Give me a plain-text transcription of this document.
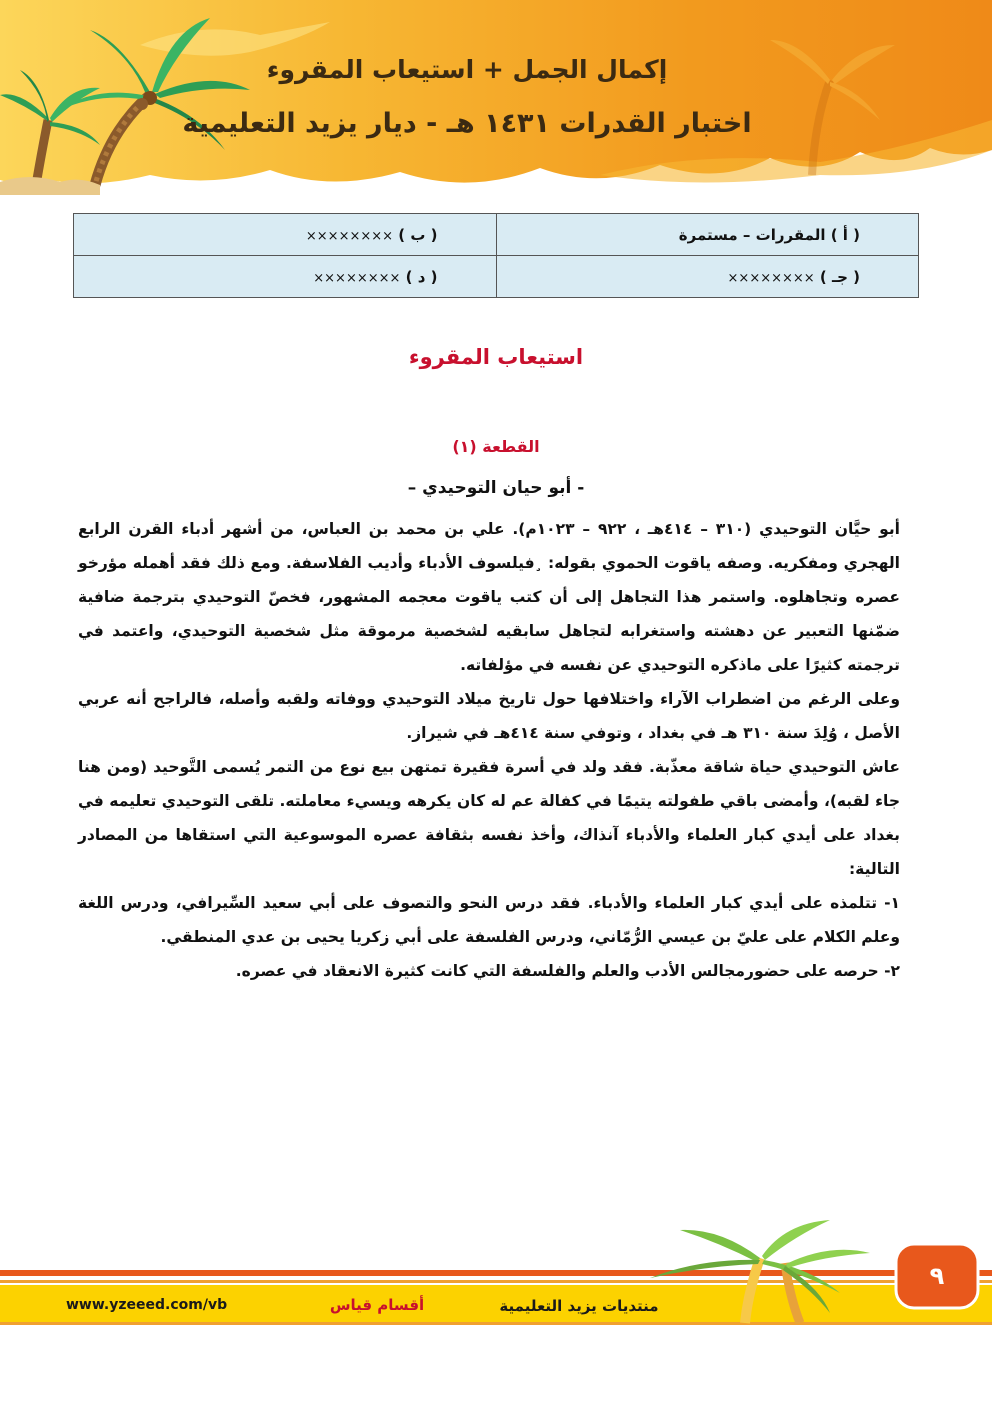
إكمال الجمل + استيعاب المقروء
اختبار القدرات ١٤٣١ هـ - ديار يزيد التعليمية
( أ ) المقررات – مستمرة	( ب ) ××××××××
( جـ ) ××××××××	( د ) ××××××××
استيعاب المقروء
القطعة (١)
- أبو حيان التوحيدي –

أبو حيَّان التوحيدي (٣١٠ – ٤١٤هـ ، ٩٢٢ – ١٠٢٣م). علي بن محمد بن العباس، من أشهر أدباء القرن الرابع الهجري ومفكريه. وصفه ياقوت الحموي بقوله: ¸فيلسوف الأدباء وأديب الفلاسفة. ومع ذلك فقد أهمله مؤرخو عصره وتجاهلوه. واستمر هذا التجاهل إلى أن كتب ياقوت معجمه المشهور، فخصّ التوحيدي بترجمة ضافية ضمّنها التعبير عن دهشته واستغرابه لتجاهل سابقيه لشخصية مرموقة مثل شخصية التوحيدي، واعتمد في ترجمته كثيرًا على ماذكره التوحيدي عن نفسه في مؤلفاته.

وعلى الرغم من اضطراب الآراء واختلافها حول تاريخ ميلاد التوحيدي ووفاته ولقبه وأصله، فالراجح أنه عربي الأصل ، وُلِدَ سنة ٣١٠ هـ في بغداد ، وتوفي سنة ٤١٤هـ في شيراز.

عاش التوحيدي حياة شاقة معذّبة. فقد ولد في أسرة فقيرة تمتهن بيع نوع من التمر يُسمى التَّوحيد (ومن هنا جاء لقبه)، وأمضى باقي طفولته يتيمًا في كفالة عم له كان يكرهه ويسيء معاملته. تلقى التوحيدي تعليمه في بغداد على أيدي كبار العلماء والأدباء آنذاك، وأخذ نفسه بثقافة عصره الموسوعية التي استقاها من المصادر التالية:

١- تتلمذه على أيدي كبار العلماء والأدباء. فقد درس النحو والتصوف على أبي سعيد السِّيرافي، ودرس اللغة وعلم الكلام على عليّ بن عيسي الرُّمّاني، ودرس الفلسفة على أبي زكريا يحيى بن عدي المنطقي.

٢- حرصه على حضورمجالس الأدب والعلم والفلسفة التي كانت كثيرة الانعقاد في عصره.

٩
منتديات يزيد التعليمية
أقسام قياس
www.yzeeed.com/vb
